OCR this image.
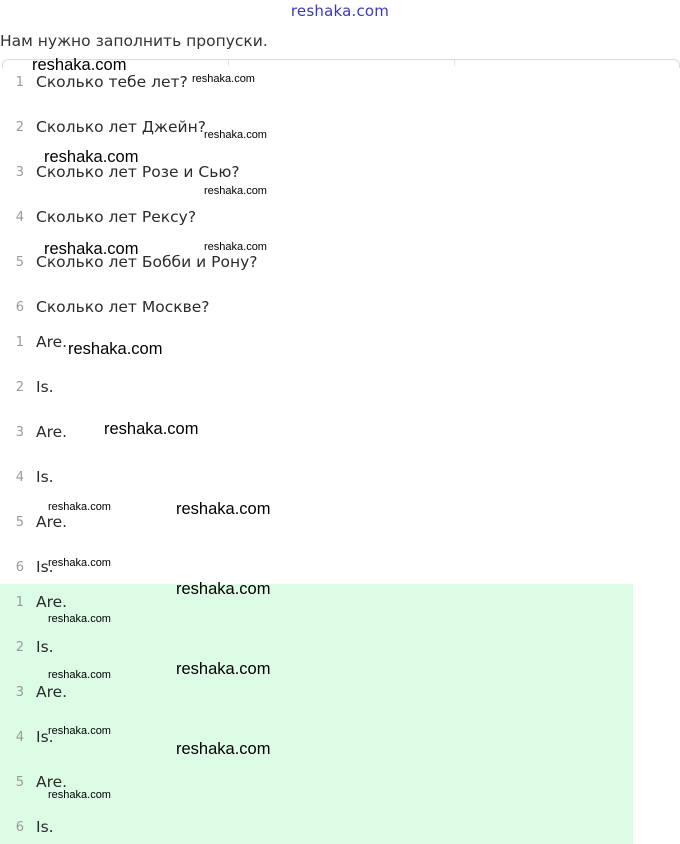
reshaka.com
Нам нужно заполнить пропуски.
1 Сколько тебе лет?
2 Сколько лет Джейн?
3 Сколько лет Розе и Сью?
4 Сколько лет Рексу?
5 Сколько лет Бобби и Рону?
6 Сколько лет Москве?
1 Are.
2 Is.
3 Are.
4 Is.
5 Are.
6 Is.
1 Are.
2 Is.
3 Are.
4 Is.
5 Are.
6 Is.
reshaka.com
reshaka.com
reshaka.com
reshaka.com
reshaka.com
reshaka.com	reshaka.com
reshaka.com
reshaka.com
reshaka.com	reshaka.com
reshaka.com
reshaka.com
reshaka.com
reshaka.com
reshaka.com
reshaka.com
reshaka.com
reshaka.com
